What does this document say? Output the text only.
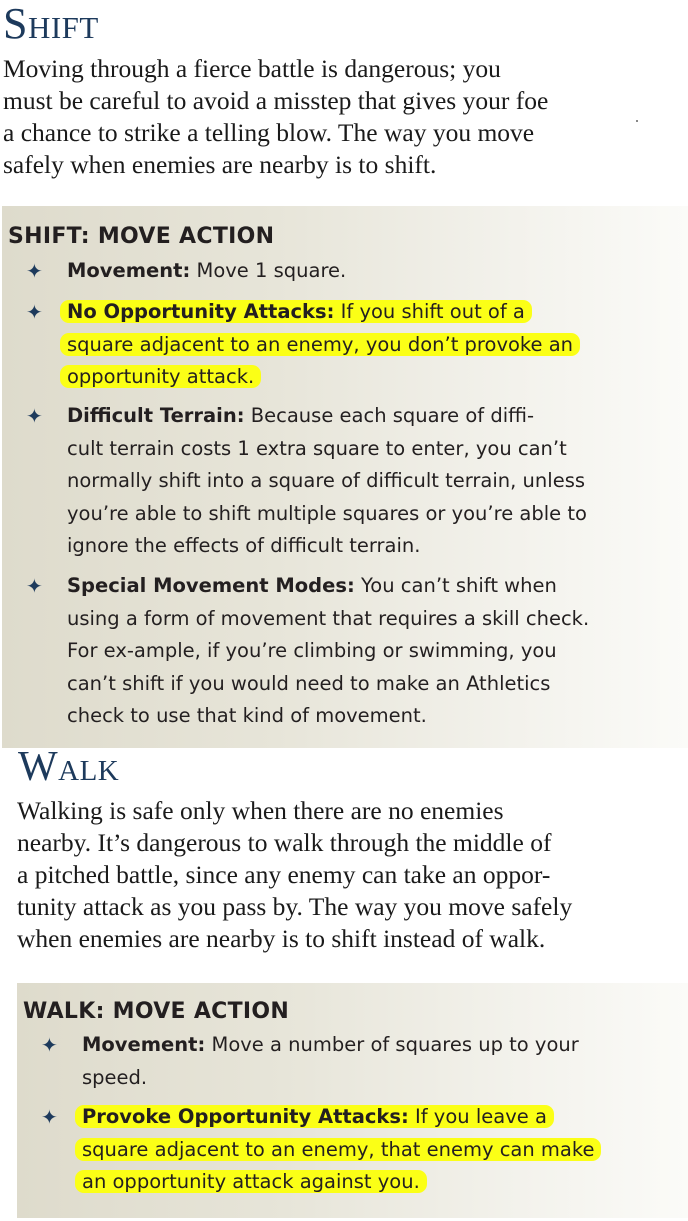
Shift

Moving through a fierce battle is dangerous; you
must be careful to avoid a misstep that gives your foe
a chance to strike a telling blow. The way you move
safely when enemies are nearby is to shift.

SHIFT: MOVE ACTION
✦ Movement: Move 1 square.
✦ No Opportunity Attacks: If you shift out of a
square adjacent to an enemy, you don’t provoke an
opportunity attack.
✦ Difficult Terrain: Because each square of diffi-
cult terrain costs 1 extra square to enter, you can’t
normally shift into a square of difficult terrain, unless
you’re able to shift multiple squares or you’re able to
ignore the effects of difficult terrain.
✦ Special Movement Modes: You can’t shift when
using a form of movement that requires a skill check.
For ex-ample, if you’re climbing or swimming, you
can’t shift if you would need to make an Athletics
check to use that kind of movement.
Walk

Walking is safe only when there are no enemies
nearby. It’s dangerous to walk through the middle of
a pitched battle, since any enemy can take an oppor-
tunity attack as you pass by. The way you move safely
when enemies are nearby is to shift instead of walk.

WALK: MOVE ACTION
✦ Movement: Move a number of squares up to your
speed.
✦ Provoke Opportunity Attacks: If you leave a
square adjacent to an enemy, that enemy can make
an opportunity attack against you.
